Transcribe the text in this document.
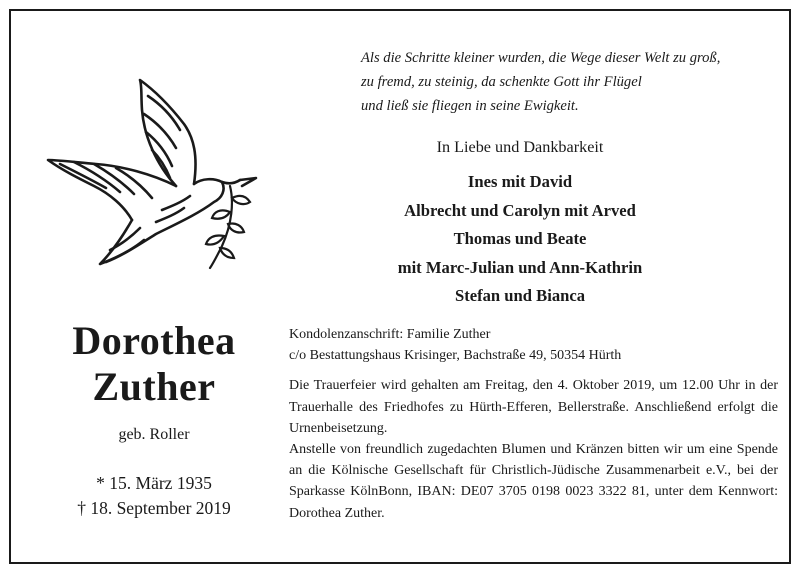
Als die Schritte kleiner wurden, die Wege dieser Welt zu groß,
zu fremd, zu steinig, da schenkte Gott ihr Flügel
und ließ sie fliegen in seine Ewigkeit.
In Liebe und Dankbarkeit
Ines mit David
Albrecht und Carolyn mit Arved
Thomas und Beate
mit Marc-Julian und Ann-Kathrin
Stefan und Bianca
Dorothea
Zuther
geb. Roller
* 15. März 1935
† 18. September 2019
Kondolenzanschrift: Familie Zuther
c/o Bestattungshaus Krisinger, Bachstraße 49, 50354 Hürth
Die Trauerfeier wird gehalten am Freitag, den 4. Oktober 2019, um 12.00 Uhr in der Trauerhalle des Friedhofes zu Hürth-Efferen, Bellerstraße. Anschließend erfolgt die Urnenbeisetzung.
Anstelle von freundlich zugedachten Blumen und Kränzen bitten wir um eine Spende an die Kölnische Gesellschaft für Christlich-Jüdische Zusammenarbeit e.V., bei der Sparkasse KölnBonn, IBAN: DE07 3705 0198 0023 3322 81, unter dem Kennwort: Dorothea Zuther.
